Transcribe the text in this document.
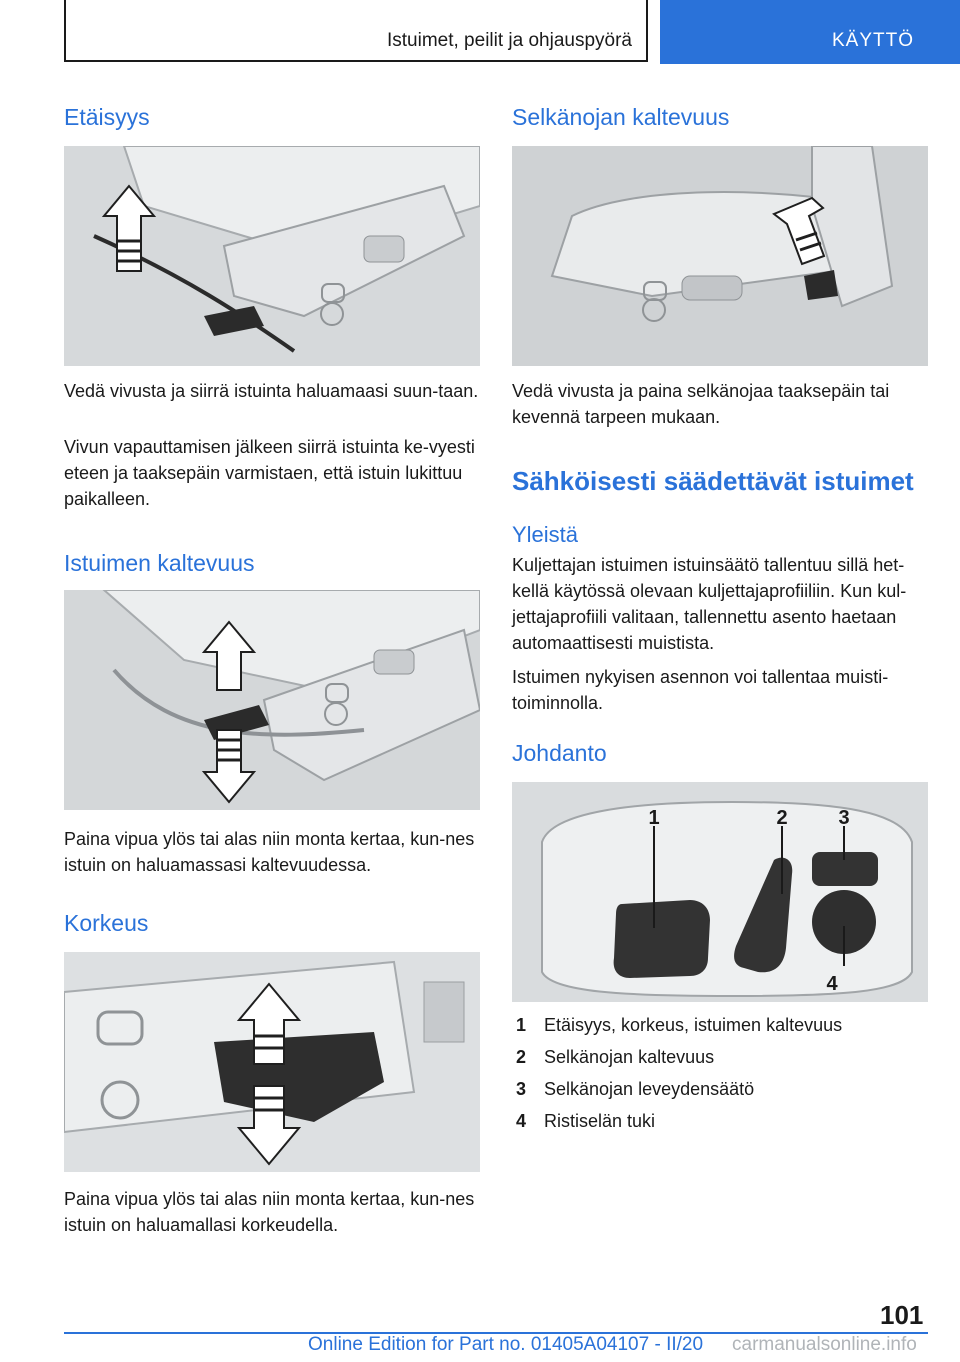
Istuimet, peilit ja ohjauspyörä	KÄYTTÖ
Etäisyys

Vedä vivusta ja siirrä istuinta haluamaasi suun-taan.

Vivun vapauttamisen jälkeen siirrä istuinta ke-vyesti eteen ja taaksepäin varmistaen, että istuin lukittuu paikalleen.

Istuimen kaltevuus

Paina vipua ylös tai alas niin monta kertaa, kun-nes istuin on haluamassasi kaltevuudessa.

Korkeus

Paina vipua ylös tai alas niin monta kertaa, kun-nes istuin on haluamallasi korkeudella.

Selkänojan kaltevuus

Vedä vivusta ja paina selkänojaa taaksepäin tai kevennä tarpeen mukaan.

Sähköisesti säädettävät istuimet
Yleistä

Kuljettajan istuimen istuinsäätö tallentuu sillä het-kellä käytössä olevaan kuljettajaprofiiliin. Kun kul-jettajaprofiili valitaan, tallennettu asento haetaan automaattisesti muistista.

Istuimen nykyisen asennon voi tallentaa muisti-toiminnolla.

Johdanto
1	2	3
4
1 Etäisyys, korkeus, istuimen kaltevuus
2 Selkänojan kaltevuus
3 Selkänojan leveydensäätö
4 Ristiselän tuki
101
Online Edition for Part no. 01405A04107 - II/20 carmanualsonline.info
